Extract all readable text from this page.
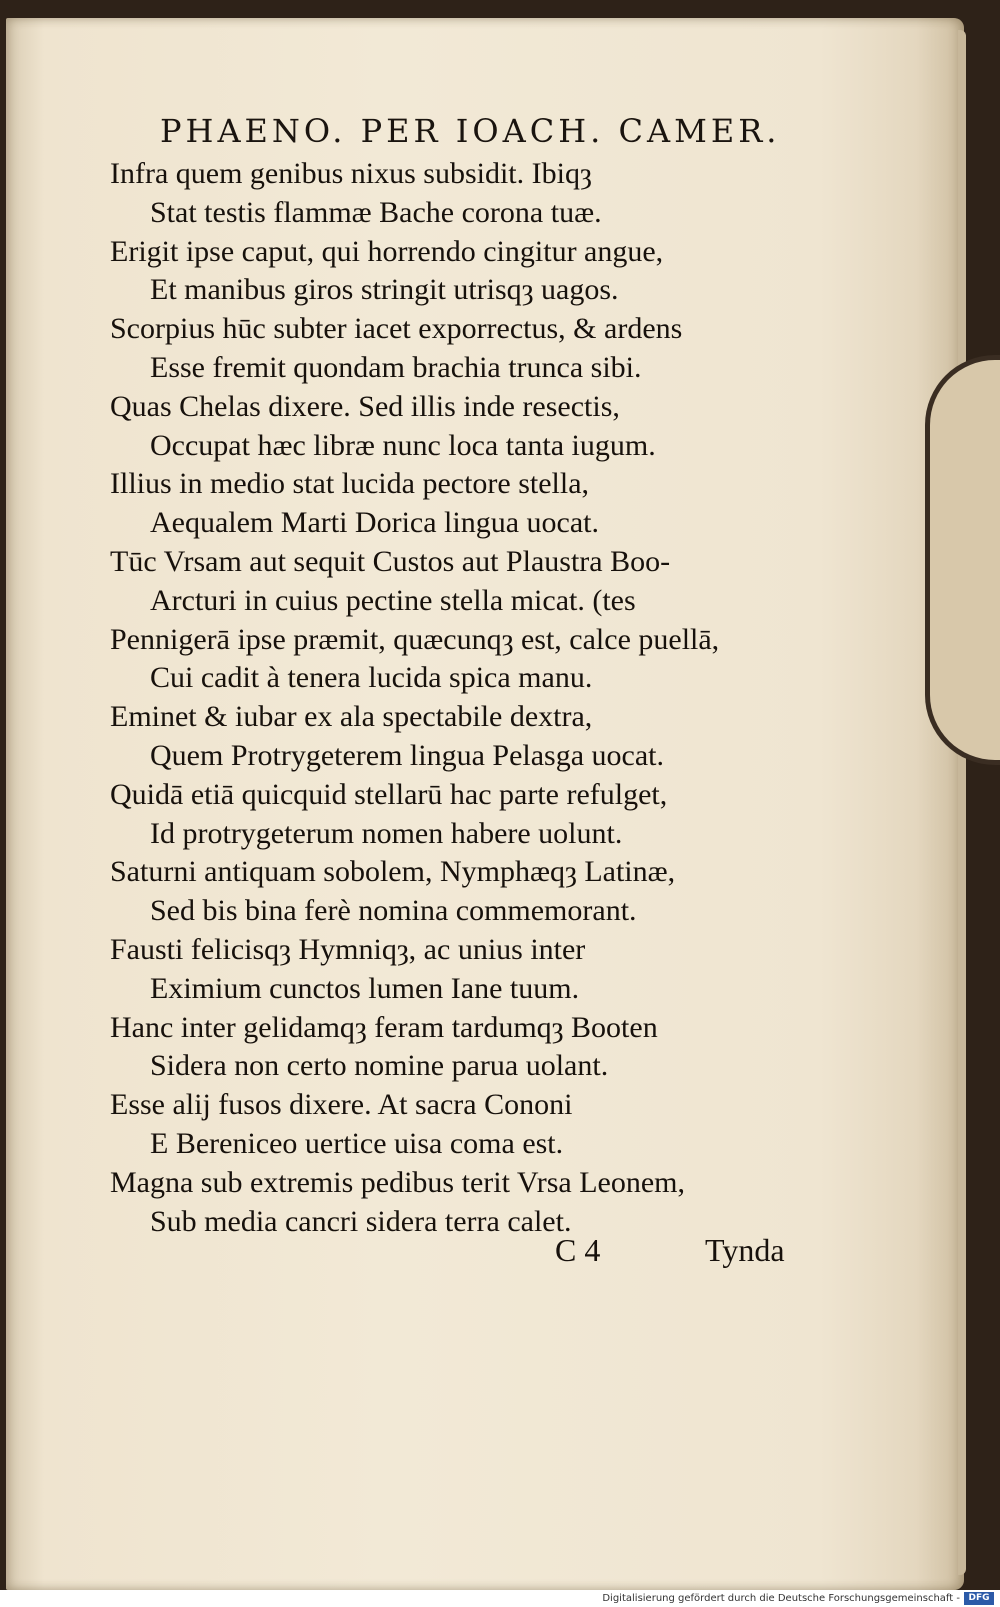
PHAENO. PER IOACH. CAMER.
Infra quem genibus nixus subsidit. Ibiqȝ
Stat testis flammæ Bache corona tuæ.
Erigit ipse caput, qui horrendo cingitur angue,
Et manibus giros stringit utrisqȝ uagos.
Scorpius hūc subter iacet exporrectus, & ardens
Esse fremit quondam brachia trunca sibi.
Quas Chelas dixere. Sed illis inde resectis,
Occupat hæc libræ nunc loca tanta iugum.
Illius in medio stat lucida pectore stella,
Aequalem Marti Dorica lingua uocat.
Tūc Vrsam aut sequit Custos aut Plaustra Boo-
Arcturi in cuius pectine stella micat. (tes
Pennigerā ipse præmit, quæcunqȝ est, calce puellā,
Cui cadit à tenera lucida spica manu.
Eminet & iubar ex ala spectabile dextra,
Quem Protrygeterem lingua Pelasga uocat.
Quidā etiā quicquid stellarū hac parte refulget,
Id protrygeterum nomen habere uolunt.
Saturni antiquam sobolem, Nymphæqȝ Latinæ,
Sed bis bina ferè nomina commemorant.
Fausti felicisqȝ Hymniqȝ, ac unius inter
Eximium cunctos lumen Iane tuum.
Hanc inter gelidamqȝ feram tardumqȝ Booten
Sidera non certo nomine parua uolant.
Esse alij fusos dixere. At sacra Cononi
E Bereniceo uertice uisa coma est.
Magna sub extremis pedibus terit Vrsa Leonem,
Sub media cancri sidera terra calet.
C 4	Tynda
Digitalisierung gefördert durch die Deutsche Forschungsgemeinschaft - DFG
